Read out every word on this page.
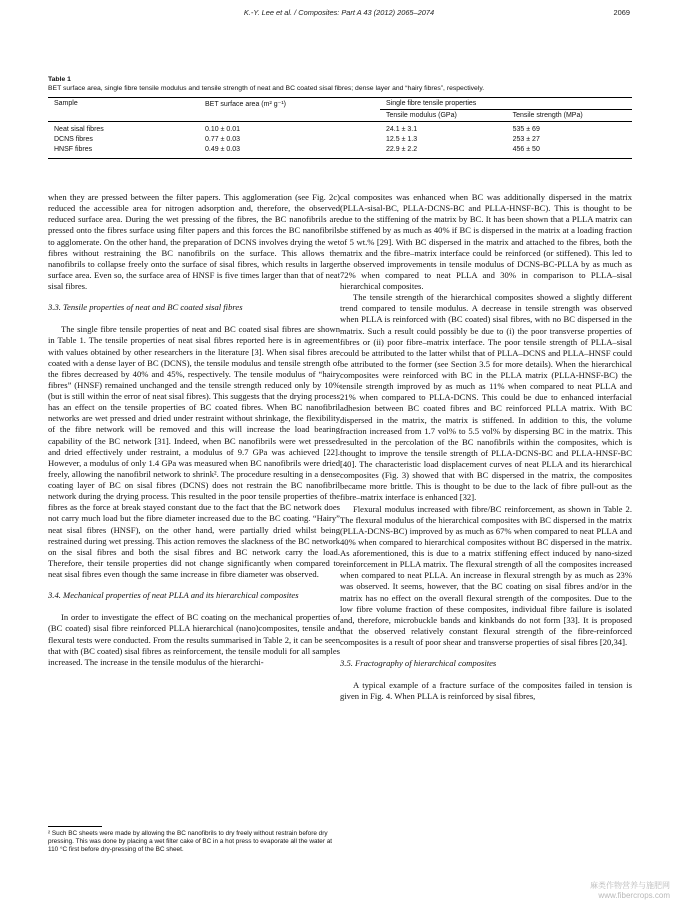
K.-Y. Lee et al. / Composites: Part A 43 (2012) 2065–2074	2069

Table 1

BET surface area, single fibre tensile modulus and tensile strength of neat and BC coated sisal fibres; dense layer and “hairy fibres”, respectively.

Sample	BET surface area (m² g⁻¹)	Single fibre tensile properties	
		Tensile modulus (GPa)	Tensile strength (MPa)
Neat sisal fibres	0.10 ± 0.01	24.1 ± 3.1	535 ± 69
DCNS fibres	0.77 ± 0.03	12.5 ± 1.3	253 ± 27
HNSF fibres	0.49 ± 0.03	22.9 ± 2.2	456 ± 50

when they are pressed between the filter papers. This agglomeration (see Fig. 2c) reduced the accessible area for nitrogen adsorption and, therefore, the observed reduced surface area. During the wet pressing of the fibres, the BC nanofibrils are pressed onto the fibres surface using filter papers and this forces the BC nanofibrils to agglomerate. On the other hand, the preparation of DCNS involves drying the wet fibres without restraining the BC nanofibrils on the surface. This allows the nanofibrils to collapse freely onto the surface of sisal fibres, which results in larger surface area. Even so, the surface area of HNSF is five times larger than that of neat sisal fibres.

3.3. Tensile properties of neat and BC coated sisal fibres

The single fibre tensile properties of neat and BC coated sisal fibres are shown in Table 1. The tensile properties of neat sisal fibres reported here is in agreement with values obtained by other researchers in the literature [3]. When sisal fibres are coated with a dense layer of BC (DCNS), the tensile modulus and tensile strength of the fibres decreased by 40% and 45%, respectively. The tensile modulus of “hairy fibres” (HNSF) remained unchanged and the tensile strength reduced only by 10% (but is still within the error of neat sisal fibres). This suggests that the drying process has an effect on the tensile properties of BC coated fibres. When BC nanofibril networks are wet pressed and dried under restraint without shrinkage, the flexibility of the fibre network will be removed and this will increase the load bearing capability of the BC network [31]. Indeed, when BC nanofibrils were wet pressed and dried effectively under restraint, a modulus of 9.7 GPa was achieved [22]. However, a modulus of only 1.4 GPa was measured when BC nanofibrils were dried freely, allowing the nanofibril network to shrink². The procedure resulting in a dense coating layer of BC on sisal fibres (DCNS) does not restrain the BC nanofibril network during the drying process. This resulted in the poor tensile properties of the fibres as the force at break stayed constant due to the fact that the BC network does not carry much load but the fibre diameter increased due to the BC coating. “Hairy” neat sisal fibres (HNSF), on the other hand, were partially dried whilst being restrained during wet pressing. This action removes the slackness of the BC network on the sisal fibres and both the sisal fibres and BC network carry the load. Therefore, their tensile properties did not change significantly when compared to neat sisal fibres even though the same increase in fibre diameter was observed.

3.4. Mechanical properties of neat PLLA and its hierarchical composites

In order to investigate the effect of BC coating on the mechanical properties of (BC coated) sisal fibre reinforced PLLA hierarchical (nano)composites, tensile and flexural tests were conducted. From the results summarised in Table 2, it can be seen that with (BC coated) sisal fibres as reinforcement, the tensile moduli for all samples increased. The increase in the tensile modulus of the hierarchi-

cal composites was enhanced when BC was additionally dispersed in the matrix (PLLA-sisal-BC, PLLA-DCNS-BC and PLLA-HNSF-BC). This is thought to be due to the stiffening of the matrix by BC. It has been shown that a PLLA matrix can be stiffened by as much as 40% if BC is dispersed in the matrix at a loading fraction of 5 wt.% [29]. With BC dispersed in the matrix and attached to the fibres, both the matrix and the fibre–matrix interface could be reinforced (or stiffened). This led to the observed improvements in tensile modulus of DCNS-BC-PLLA by as much as 72% when compared to neat PLLA and 30% in comparison to PLLA–sisal hierarchical composites.

The tensile strength of the hierarchical composites showed a slightly different trend compared to tensile modulus. A decrease in tensile strength was observed when PLLA is reinforced with (BC coated) sisal fibres, with no BC dispersed in the matrix. Such a result could possibly be due to (i) the poor transverse properties of fibres or (ii) poor fibre–matrix interface. The poor tensile strength of PLLA–sisal could be attributed to the latter whilst that of PLLA–DCNS and PLLA–HNSF could be attributed to the former (see Section 3.5 for more details). When the hierarchical composites were reinforced with BC in the PLLA matrix (PLLA-HNSF-BC) the tensile strength improved by as much as 11% when compared to neat PLLA and 21% when compared to PLLA-DCNS. This could be due to enhanced interfacial adhesion between BC coated fibres and BC reinforced PLLA matrix. With BC dispersed in the matrix, the matrix is stiffened. In addition to this, the volume fraction increased from 1.7 vol% to 5.5 vol% by dispersing BC in the matrix. This resulted in the percolation of the BC nanofibrils within the composites, which is thought to improve the tensile strength of PLLA-DCNS-BC and PLLA-HNSF-BC [40]. The characteristic load displacement curves of neat PLLA and its hierarchical composites (Fig. 3) showed that with BC dispersed in the matrix, the composites became more brittle. This is thought to be due to the lack of fibre pull-out as the fibre–matrix interface is enhanced [32].

Flexural modulus increased with fibre/BC reinforcement, as shown in Table 2. The flexural modulus of the hierarchical composites with BC dispersed in the matrix (PLLA-DCNS-BC) improved by as much as 67% when compared to neat PLLA and 40% when compared to hierarchical composites without BC dispersed in the matrix. As aforementioned, this is due to a matrix stiffening effect induced by nano-sized reinforcement in PLLA matrix. The flexural strength of all the composites increased when compared to neat PLLA. An increase in flexural strength by as much as 23% was observed. It seems, however, that the BC coating on sisal fibres and/or in the matrix has no effect on the overall flexural strength of the composites. Due to the low fibre volume fraction of these composites, individual fibre failure is isolated and, therefore, microbuckle bands and kinkbands do not form [33]. It is proposed that the observed relatively constant flexural strength of the fibre-reinforced composites is a result of poor shear and transverse properties of sisal fibres [20,34].

3.5. Fractography of hierarchical composites

A typical example of a fracture surface of the composites failed in tension is given in Fig. 4. When PLLA is reinforced by sisal fibres,

² Such BC sheets were made by allowing the BC nanofibrils to dry freely without restrain before dry pressing. This was done by placing a wet filter cake of BC in a hot press to evaporate all the water at 110 °C first before dry-pressing of the BC sheet.
麻类作物营养与施肥网
www.fibercrops.com
